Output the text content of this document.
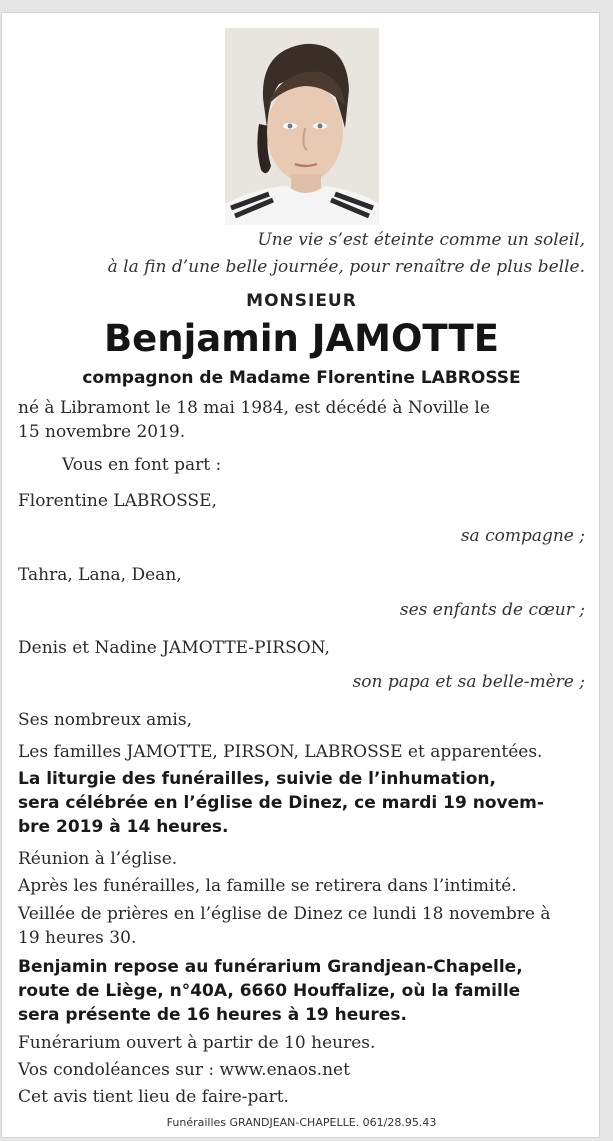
Une vie s’est éteinte comme un soleil,
à la fin d’une belle journée, pour renaître de plus belle.
MONSIEUR
Benjamin JAMOTTE
compagnon de Madame Florentine LABROSSE
né à Libramont le 18 mai 1984, est décédé à Noville le
15 novembre 2019.
Vous en font part :
Florentine LABROSSE,
sa compagne ;
Tahra, Lana, Dean,
ses enfants de cœur ;
Denis et Nadine JAMOTTE-PIRSON,
son papa et sa belle-mère ;
Ses nombreux amis,
Les familles JAMOTTE, PIRSON, LABROSSE et apparentées.
La liturgie des funérailles, suivie de l’inhumation,
sera célébrée en l’église de Dinez, ce mardi 19 novem-
bre 2019 à 14 heures.
Réunion à l’église.
Après les funérailles, la famille se retirera dans l’intimité.
Veillée de prières en l’église de Dinez ce lundi 18 novembre à
19 heures 30.
Benjamin repose au funérarium Grandjean-Chapelle,
route de Liège, n°40A, 6660 Houffalize, où la famille
sera présente de 16 heures à 19 heures.
Funérarium ouvert à partir de 10 heures.
Vos condoléances sur : www.enaos.net
Cet avis tient lieu de faire-part.
Funérailles GRANDJEAN-CHAPELLE. 061/28.95.43
